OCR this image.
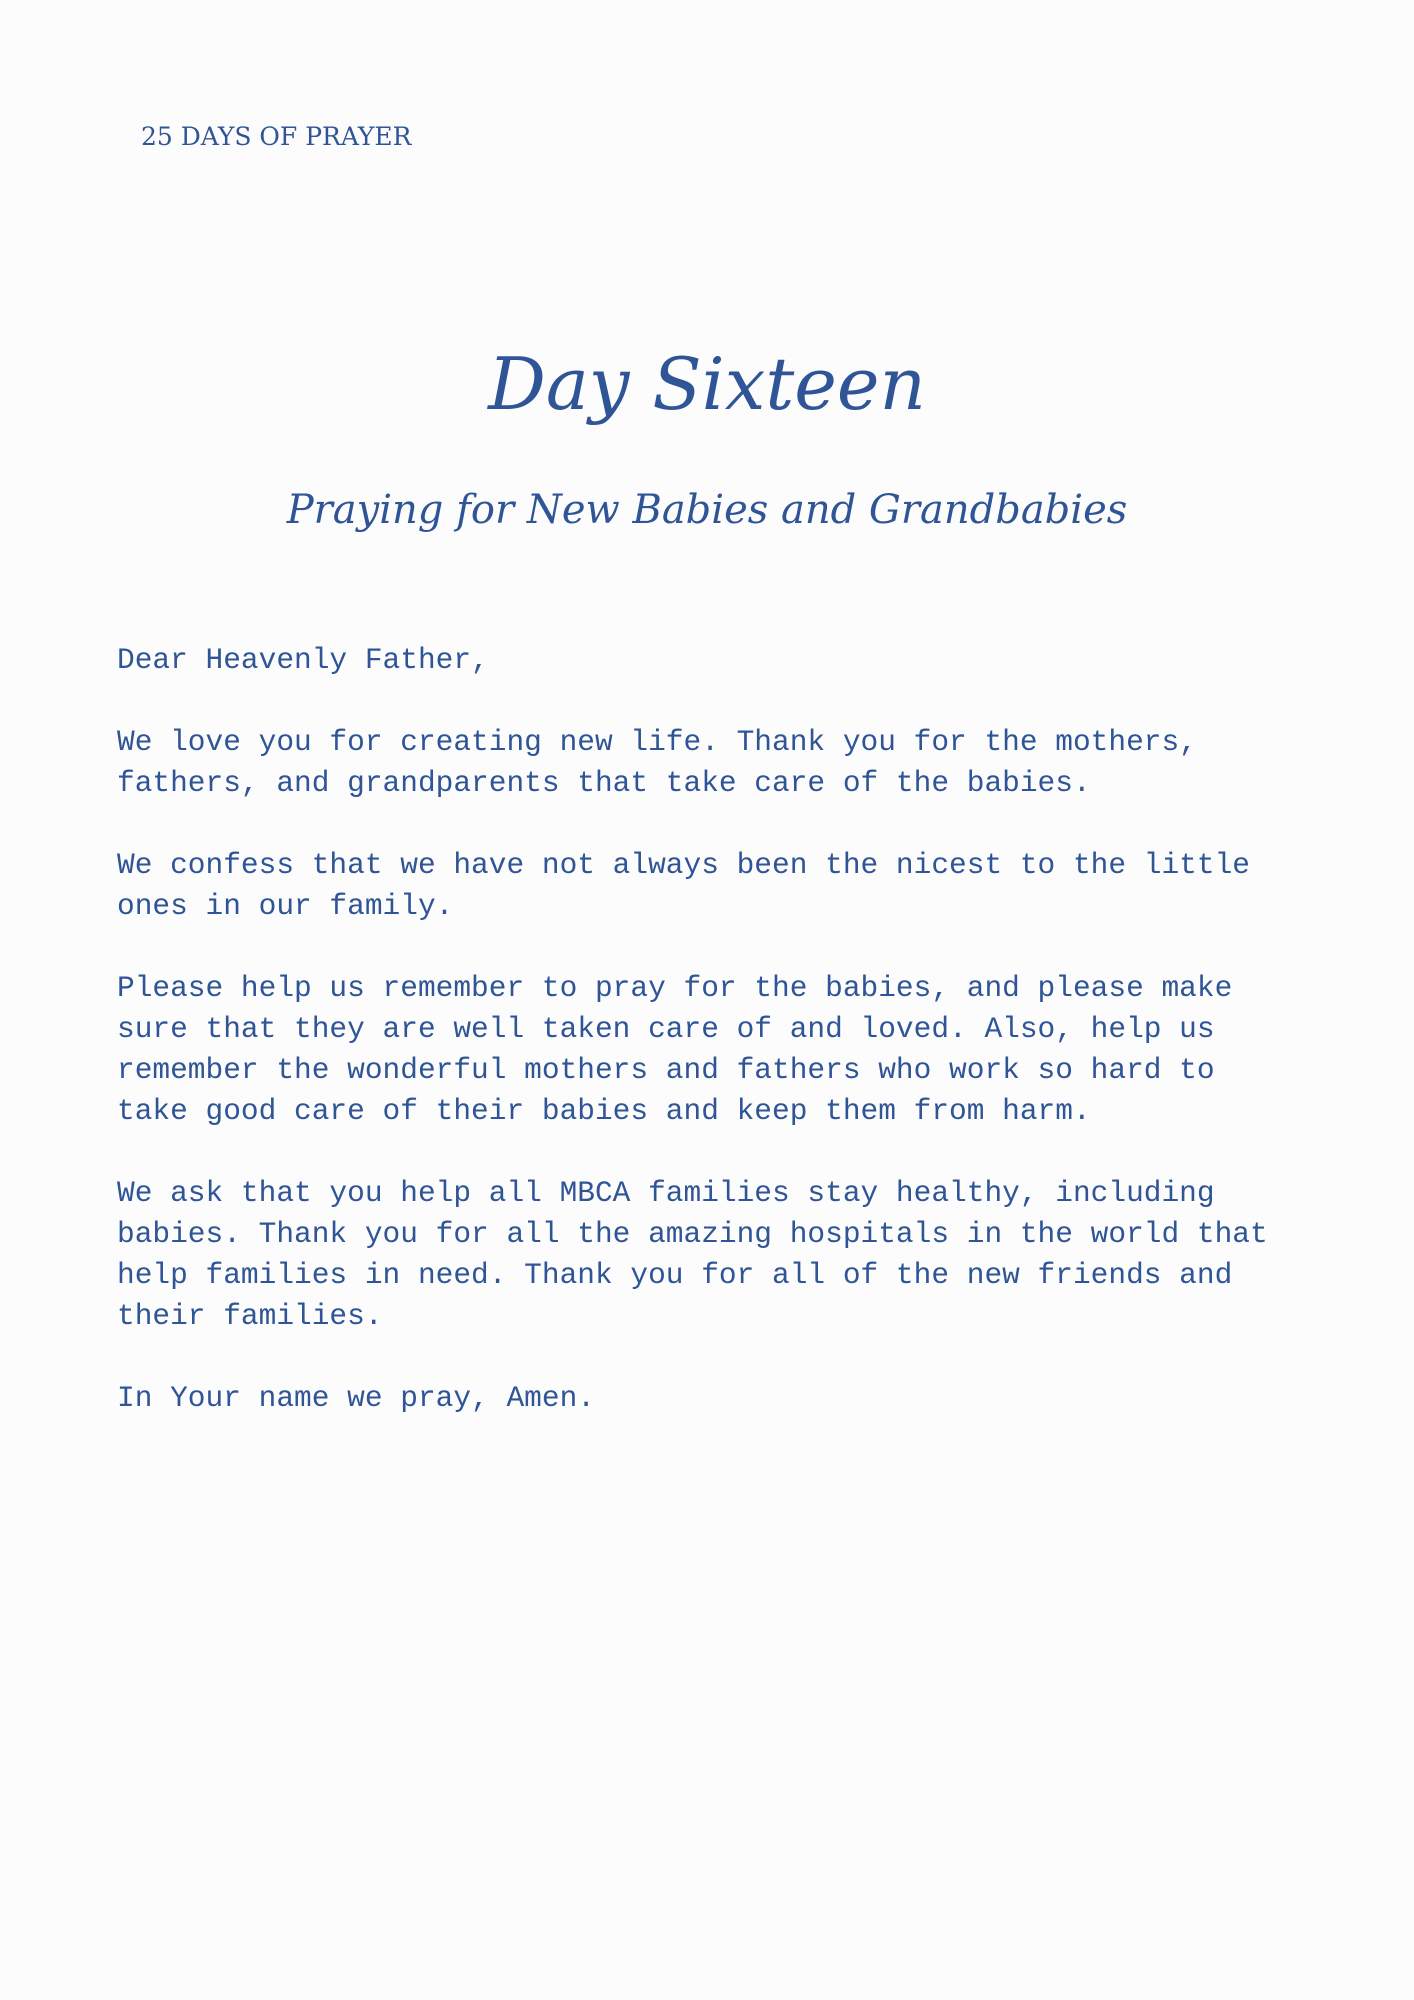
25 DAYS OF PRAYER
Day Sixteen
Praying for New Babies and Grandbabies

Dear Heavenly Father,

We love you for creating new life. Thank you for the mothers,
fathers, and grandparents that take care of the babies.

We confess that we have not always been the nicest to the little
ones in our family.

Please help us remember to pray for the babies, and please make
sure that they are well taken care of and loved. Also, help us
remember the wonderful mothers and fathers who work so hard to
take good care of their babies and keep them from harm.

We ask that you help all MBCA families stay healthy, including
babies. Thank you for all the amazing hospitals in the world that
help families in need. Thank you for all of the new friends and
their families.

In Your name we pray, Amen.
